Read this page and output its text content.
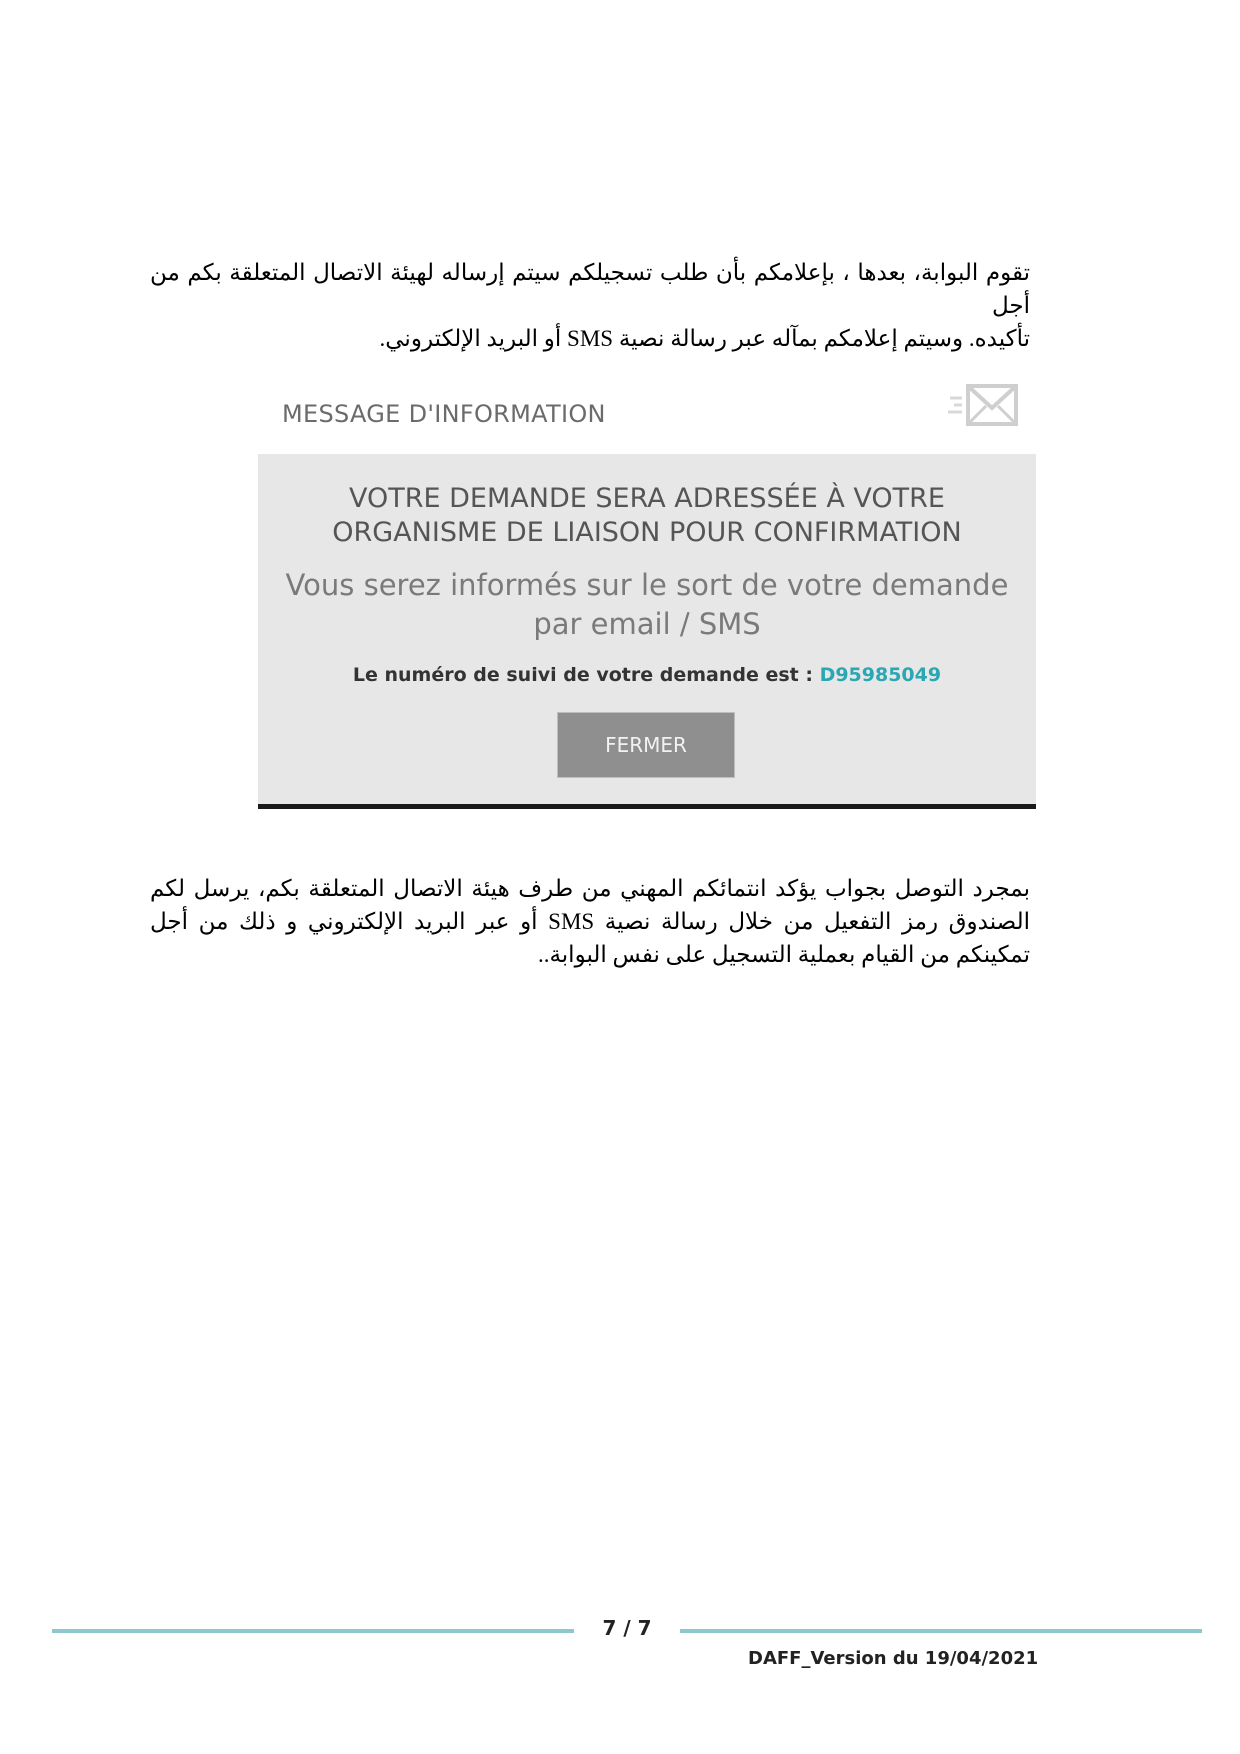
تقوم البوابة، بعدها ، بإعلامكم بأن طلب تسجيلكم سيتم إرساله لهيئة الاتصال المتعلقة بكم من أجل
تأكيده. وسيتم إعلامكم بمآله عبر رسالة نصية SMS أو البريد الإلكتروني.
MESSAGE D'INFORMATION

VOTRE DEMANDE SERA ADRESSÉE À VOTRE
ORGANISME DE LIAISON POUR CONFIRMATION

Vous serez informés sur le sort de votre demande
par email / SMS

Le numéro de suivi de votre demande est : D95985049
FERMER
بمجرد التوصل بجواب يؤكد انتمائكم المهني من طرف هيئة الاتصال المتعلقة بكم، يرسل لكم
الصندوق رمز التفعيل من خلال رسالة نصية SMS أو عبر البريد الإلكتروني و ذلك من أجل
تمكينكم من القيام بعملية التسجيل على نفس البوابة..
7 / 7
DAFF_Version du 19/04/2021
